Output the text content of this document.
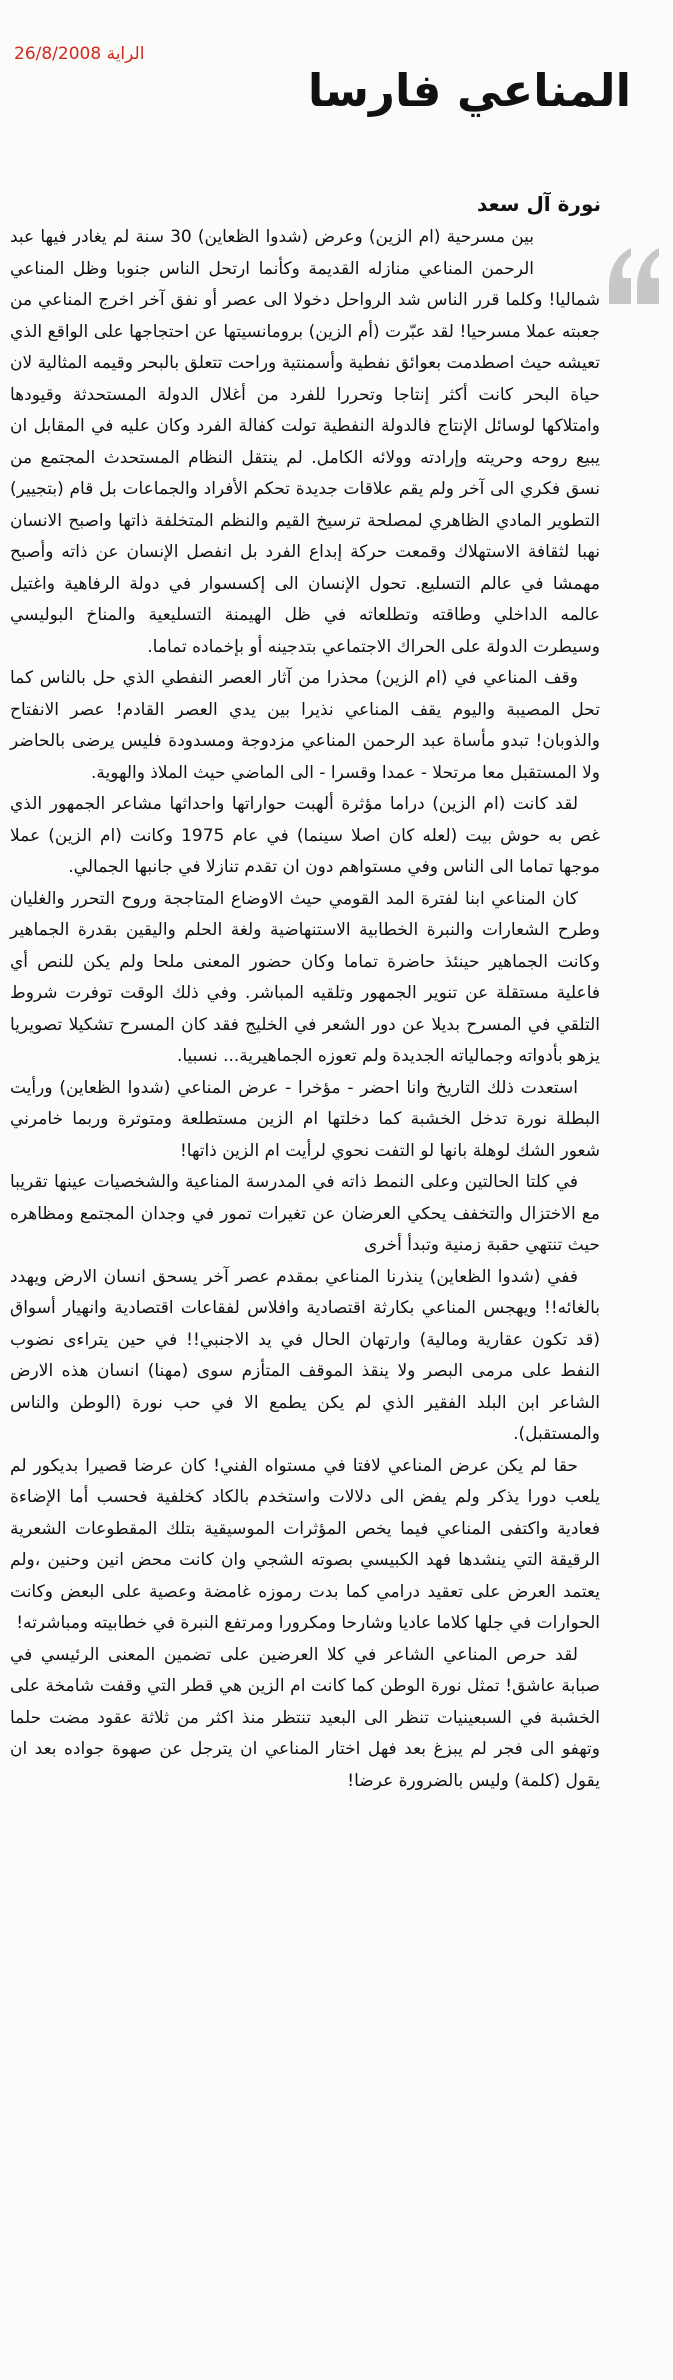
الراية 26/8/2008
المناعي فارسا
نورة آل سعد

بين مسرحية (ام الزين) وعرض (شدوا الظعاين) 30 سنة لم يغادر فيها عبد الرحمن المناعي منازله القديمة وكأنما ارتحل الناس جنوبا وظل المناعي شماليا! وكلما قرر الناس شد الرواحل دخولا الى عصر أو نفق آخر اخرج المناعي من جعبته عملا مسرحيا! لقد عبّرت (أم الزين) برومانسيتها عن احتجاجها على الواقع الذي تعيشه حيث اصطدمت بعوائق نفطية وأسمنتية وراحت تتعلق بالبحر وقيمه المثالية لان حياة البحر كانت أكثر إنتاجا وتحررا للفرد من أغلال الدولة المستحدثة وقيودها وامتلاكها لوسائل الإنتاج فالدولة النفطية تولت كفالة الفرد وكان عليه في المقابل ان يبيع روحه وحريته وإرادته وولائه الكامل. لم ينتقل النظام المستحدث المجتمع من نسق فكري الى آخر ولم يقم علاقات جديدة تحكم الأفراد والجماعات بل قام (بتجيير) التطوير المادي الظاهري لمصلحة ترسيخ القيم والنظم المتخلفة ذاتها واصبح الانسان نهبا لثقافة الاستهلاك وقمعت حركة إبداع الفرد بل انفصل الإنسان عن ذاته وأصبح مهمشا في عالم التسليع. تحول الإنسان الى إكسسوار في دولة الرفاهية واغتيل عالمه الداخلي وطاقته وتطلعاته في ظل الهيمنة التسليعية والمناخ البوليسي وسيطرت الدولة على الحراك الاجتماعي بتدجينه أو بإخماده تماما.

وقف المناعي في (ام الزين) محذرا من آثار العصر النفطي الذي حل بالناس كما تحل المصيبة واليوم يقف المناعي نذيرا بين يدي العصر القادم! عصر الانفتاح والذوبان! تبدو مأساة عبد الرحمن المناعي مزدوجة ومسدودة فليس يرضى بالحاضر ولا المستقبل معا مرتحلا - عمدا وقسرا - الى الماضي حيث الملاذ والهوية.

لقد كانت (ام الزين) دراما مؤثرة ألهبت حواراتها واحداثها مشاعر الجمهور الذي غص به حوش بيت (لعله كان اصلا سينما) في عام 1975 وكانت (ام الزين) عملا موجها تماما الى الناس وفي مستواهم دون ان تقدم تنازلا في جانبها الجمالي.

كان المناعي ابنا لفترة المد القومي حيث الاوضاع المتاججة وروح التحرر والغليان وطرح الشعارات والنبرة الخطابية الاستنهاضية ولغة الحلم واليقين بقدرة الجماهير وكانت الجماهير حينئذ حاضرة تماما وكان حضور المعنى ملحا ولم يكن للنص أي فاعلية مستقلة عن تنوير الجمهور وتلقيه المباشر. وفي ذلك الوقت توفرت شروط التلقي في المسرح بديلا عن دور الشعر في الخليج فقد كان المسرح تشكيلا تصويريا يزهو بأدواته وجمالياته الجديدة ولم تعوزه الجماهيرية... نسبيا.

استعدت ذلك التاريخ وانا احضر - مؤخرا - عرض المناعي (شدوا الظعاين) ورأيت البطلة نورة تدخل الخشبة كما دخلتها ام الزين مستطلعة ومتوترة وربما خامرني شعور الشك لوهلة بانها لو التفت نحوي لرأيت ام الزين ذاتها!

في كلتا الحالتين وعلى النمط ذاته في المدرسة المناعية والشخصيات عينها تقريبا مع الاختزال والتخفف يحكي العرضان عن تغيرات تمور في وجدان المجتمع ومظاهره حيث تنتهي حقبة زمنية وتبدأ أخرى

ففي (شدوا الظعاين) ينذرنا المناعي بمقدم عصر آخر يسحق انسان الارض ويهدد بالغائه!! ويهجس المناعي بكارثة اقتصادية وافلاس لفقاعات اقتصادية وانهيار أسواق (قد تكون عقارية ومالية) وارتهان الحال في يد الاجنبي!! في حين يتراءى نضوب النفط على مرمى البصر ولا ينقذ الموقف المتأزم سوى (مهنا) انسان هذه الارض الشاعر ابن البلد الفقير الذي لم يكن يطمع الا في حب نورة (الوطن والناس والمستقبل).

حقا لم يكن عرض المناعي لافتا في مستواه الفني! كان عرضا قصيرا بديكور لم يلعب دورا يذكر ولم يفض الى دلالات واستخدم بالكاد كخلفية فحسب أما الإضاءة فعادية واكتفى المناعي فيما يخص المؤثرات الموسيقية بتلك المقطوعات الشعرية الرقيقة التي ينشدها فهد الكبيسي بصوته الشجي وان كانت محض انين وحنين ،ولم يعتمد العرض على تعقيد درامي كما بدت رموزه غامضة وعصية على البعض وكانت الحوارات في جلها كلاما عاديا وشارحا ومكرورا ومرتفع النبرة في خطابيته ومباشرته!

لقد حرص المناعي الشاعر في كلا العرضين على تضمين المعنى الرئيسي في صبابة عاشق! تمثل نورة الوطن كما كانت ام الزين هي قطر التي وقفت شامخة على الخشبة في السبعينيات تنظر الى البعيد تنتظر منذ اكثر من ثلاثة عقود مضت حلما وتهفو الى فجر لم يبزغ بعد فهل اختار المناعي ان يترجل عن صهوة جواده بعد ان يقول (كلمة) وليس بالضرورة عرضا!
